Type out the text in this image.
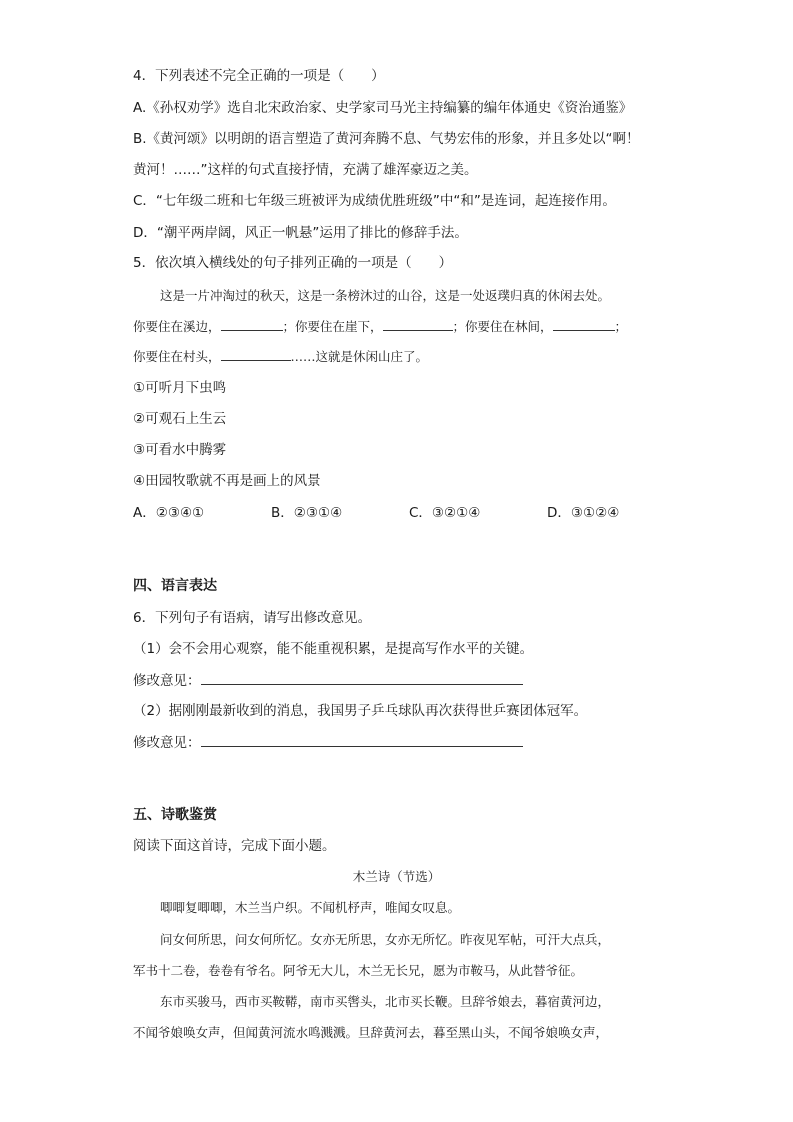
4．下列表述不完全正确的一项是（　　）
A.《孙权劝学》选自北宋政治家、史学家司马光主持编纂的编年体通史《资治通鉴》
B.《黄河颂》以明朗的语言塑造了黄河奔腾不息、气势宏伟的形象，并且多处以“啊！
黄河！……”这样的句式直接抒情，充满了雄浑豪迈之美。
C．“七年级二班和七年级三班被评为成绩优胜班级”中“和”是连词，起连接作用。
D．“潮平两岸阔，风正一帆悬”运用了排比的修辞手法。
5．依次填入横线处的句子排列正确的一项是（　　）
这是一片冲淘过的秋天，这是一条榜沐过的山谷，这是一处返璞归真的休闲去处。
你要住在溪边，	；你要住在崖下，	；你要住在林间，	；
你要住在村头，	……这就是休闲山庄了。
①可听月下虫鸣
②可观石上生云
③可看水中腾雾
④田园牧歌就不再是画上的风景
A．②③④①	B．②③①④	C．③②①④	D．③①②④
四、语言表达
6．下列句子有语病，请写出修改意见。
（1）会不会用心观察，能不能重视积累，是提高写作水平的关键。
修改意见：
（2）据刚刚最新收到的消息，我国男子乒乓球队再次获得世乒赛团体冠军。
修改意见：
五、诗歌鉴赏
阅读下面这首诗，完成下面小题。
木兰诗（节选）
唧唧复唧唧，木兰当户织。不闻机杼声，唯闻女叹息。
问女何所思，问女何所忆。女亦无所思，女亦无所忆。昨夜见军帖，可汗大点兵，
军书十二卷，卷卷有爷名。阿爷无大儿，木兰无长兄，愿为市鞍马，从此替爷征。
东市买骏马，西市买鞍鞯，南市买辔头，北市买长鞭。旦辞爷娘去，暮宿黄河边，
不闻爷娘唤女声，但闻黄河流水鸣溅溅。旦辞黄河去，暮至黑山头，不闻爷娘唤女声，
